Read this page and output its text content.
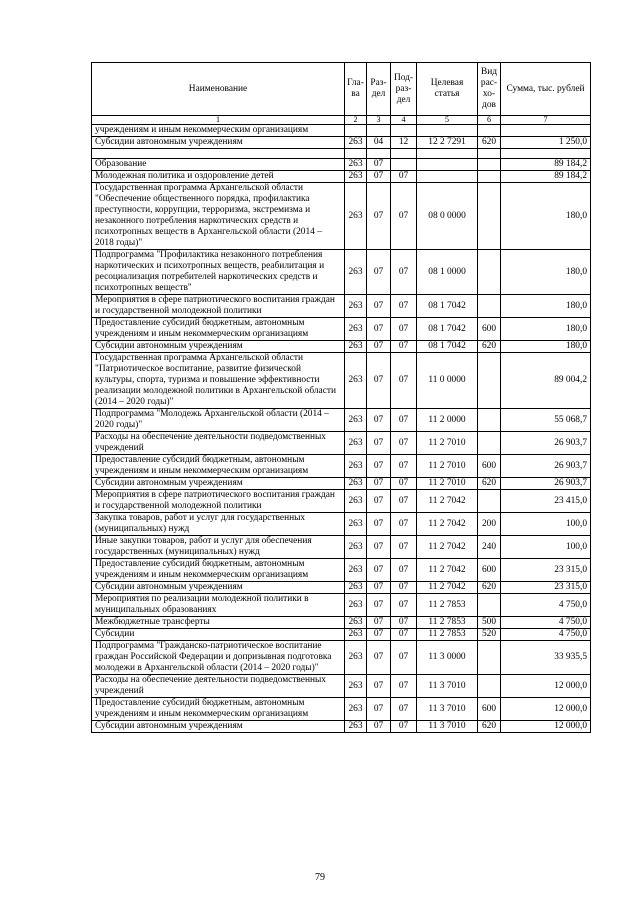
Наименование	Гла-ва	Раз-дел	Под-раз-дел	Целевая статья	Вид рас-хо-дов	Сумма, тыс. рублей
1	2	3	4	5	6	7
учреждениям и иным некоммерческим организациям						
Субсидии автономным учреждениям	263	04	12	12 2 7291	620	1 250,0

Образование	263	07				89 184,2
Молодежная политика и оздоровление детей	263	07	07			89 184,2
Государственная программа Архангельской области "Обеспечение общественного порядка, профилактика преступности, коррупции, терроризма, экстремизма и незаконного потребления наркотических средств и психотропных веществ в Архангельской области (2014 – 2018 годы)"	263	07	07	08 0 0000		180,0
Подпрограмма "Профилактика незаконного потребления наркотических и психотропных веществ, реабилитация и ресоциализация потребителей наркотических средств и психотропных веществ"	263	07	07	08 1 0000		180,0
Мероприятия в сфере патриотического воспитания граждан и государственной молодежной политики	263	07	07	08 1 7042		180,0
Предоставление субсидий бюджетным, автономным учреждениям и иным некоммерческим организациям	263	07	07	08 1 7042	600	180,0
Субсидии автономным учреждениям	263	07	07	08 1 7042	620	180,0
Государственная программа Архангельской области "Патриотическое воспитание, развитие физической культуры, спорта, туризма и повышение эффективности реализации молодежной политики в Архангельской области (2014 – 2020 годы)"	263	07	07	11 0 0000		89 004,2
Подпрограмма "Молодежь Архангельской области (2014 – 2020 годы)"	263	07	07	11 2 0000		55 068,7
Расходы на обеспечение деятельности подведомственных учреждений	263	07	07	11 2 7010		26 903,7
Предоставление субсидий бюджетным, автономным учреждениям и иным некоммерческим организациям	263	07	07	11 2 7010	600	26 903,7
Субсидии автономным учреждениям	263	07	07	11 2 7010	620	26 903,7
Мероприятия в сфере патриотического воспитания граждан и государственной молодежной политики	263	07	07	11 2 7042		23 415,0
Закупка товаров, работ и услуг для государственных (муниципальных) нужд	263	07	07	11 2 7042	200	100,0
Иные закупки товаров, работ и услуг для обеспечения государственных (муниципальных) нужд	263	07	07	11 2 7042	240	100,0
Предоставление субсидий бюджетным, автономным учреждениям и иным некоммерческим организациям	263	07	07	11 2 7042	600	23 315,0
Субсидии автономным учреждениям	263	07	07	11 2 7042	620	23 315,0
Мероприятия по реализации молодежной политики в муниципальных образованиях	263	07	07	11 2 7853		4 750,0
Межбюджетные трансферты	263	07	07	11 2 7853	500	4 750,0
Субсидии	263	07	07	11 2 7853	520	4 750,0
Подпрограмма "Гражданско-патриотическое воспитание граждан Российской Федерации и допризывная подготовка молодежи в Архангельской области (2014 – 2020 годы)"	263	07	07	11 3 0000		33 935,5
Расходы на обеспечение деятельности подведомственных учреждений	263	07	07	11 3 7010		12 000,0
Предоставление субсидий бюджетным, автономным учреждениям и иным некоммерческим организациям	263	07	07	11 3 7010	600	12 000,0
Субсидии автономным учреждениям	263	07	07	11 3 7010	620	12 000,0
79
